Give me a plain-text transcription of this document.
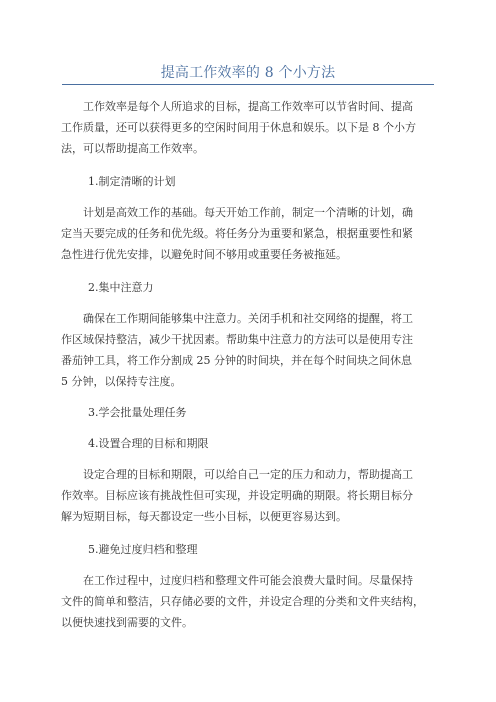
提高工作效率的 8 个小方法

工作效率是每个人所追求的目标，提高工作效率可以节省时间、提高
工作质量，还可以获得更多的空闲时间用于休息和娱乐。以下是 8 个小方
法，可以帮助提高工作效率。

1.制定清晰的计划

计划是高效工作的基础。每天开始工作前，制定一个清晰的计划，确
定当天要完成的任务和优先级。将任务分为重要和紧急，根据重要性和紧
急性进行优先安排，以避免时间不够用或重要任务被拖延。

2.集中注意力

确保在工作期间能够集中注意力。关闭手机和社交网络的提醒，将工
作区域保持整洁，减少干扰因素。帮助集中注意力的方法可以是使用专注
番茄钟工具，将工作分割成 25 分钟的时间块，并在每个时间块之间休息
5 分钟，以保持专注度。

3.学会批量处理任务
4.设置合理的目标和期限

设定合理的目标和期限，可以给自己一定的压力和动力，帮助提高工
作效率。目标应该有挑战性但可实现，并设定明确的期限。将长期目标分
解为短期目标，每天都设定一些小目标，以便更容易达到。

5.避免过度归档和整理

在工作过程中，过度归档和整理文件可能会浪费大量时间。尽量保持
文件的简单和整洁，只存储必要的文件，并设定合理的分类和文件夹结构，
以便快速找到需要的文件。
